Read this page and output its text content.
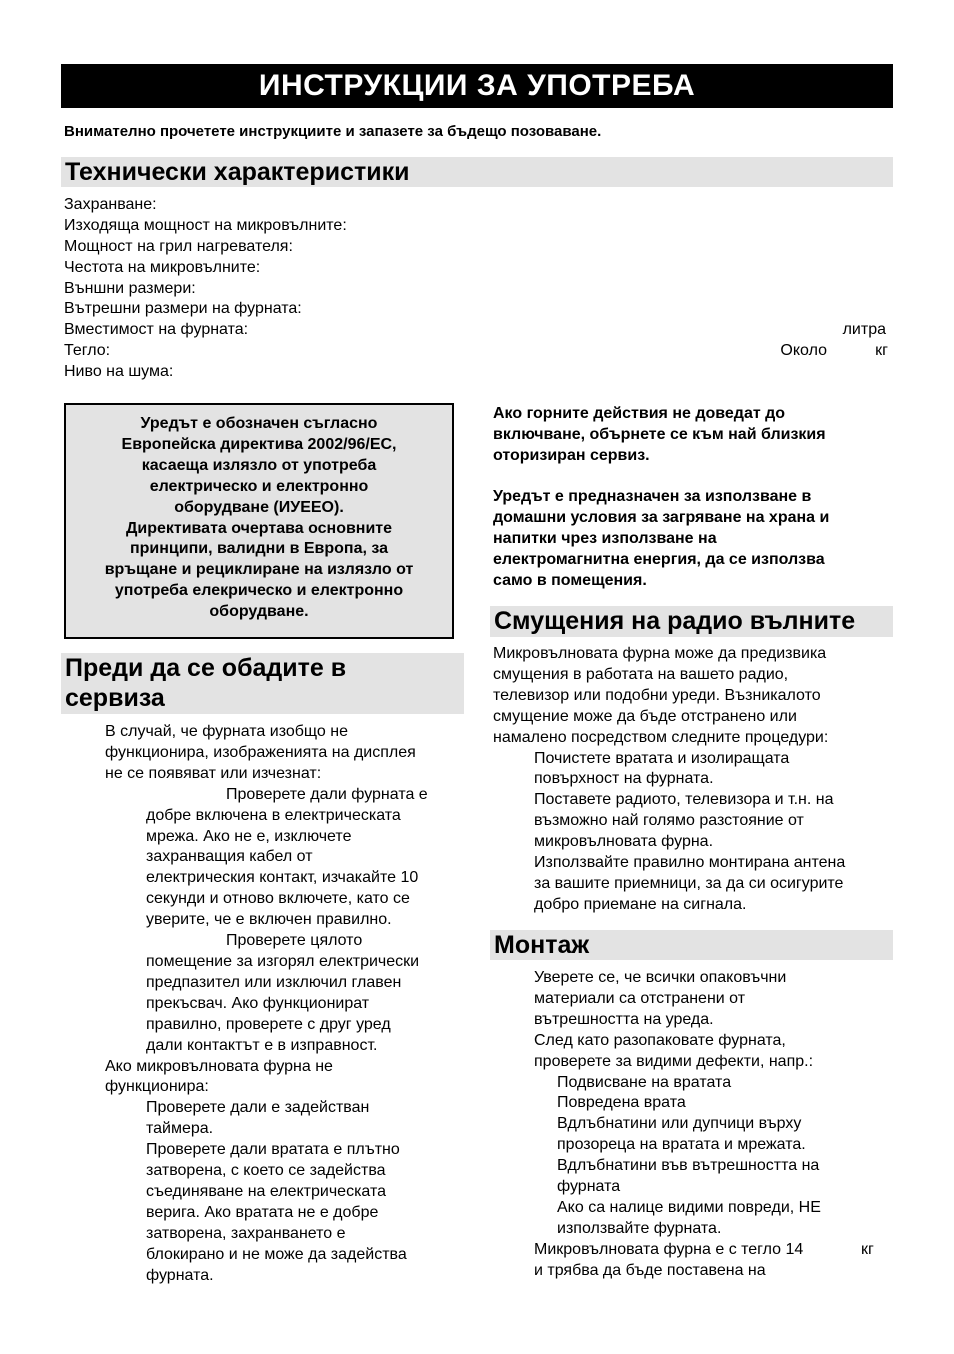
ИНСТРУКЦИИ ЗА УПОТРЕБА
Внимателно прочетете инструкциите и запазете за бъдещо позоваване.
Технически характеристики
Захранване:
Изходяща мощност на микровълните:
Мощност на грил нагревателя:
Честота на микровълните:
Външни размери:
Вътрешни размери на фурната:
Вместимост на фурната:	литра
Тегло:	Около	кг
Ниво на шума:
Уредът е обозначен съгласно
Европейска директива 2002/96/ЕС,
касаеща излязло от употреба
електрическо и електронно
оборудване (ИУЕЕО).
Директивата очертава основните
принципи, валидни в Европа, за
връщане и рециклиране на излязло от
употреба елекрическо и електронно
оборудване.
Преди да се обадите в
сервиза
В случай, че фурната изобщо не
функционира, изображенията на дисплея
не се появяват или изчезнат:
Проверете дали фурната е
добре включена в електрическата
мрежа. Ако не е, изключете
захранващия кабел от
електрическия контакт, изчакайте 10
секунди и отново включете, като се
уверите, че е включен правилно.
Проверете цялото
помещение за изгорял електрически
предпазител или изключил главен
прекъсвач. Ако функционират
правилно, проверете с друг уред
дали контактът е в изправност.
Ако микровълновата фурна не
функционира:
Проверете дали е задействан
таймера.
Проверете дали вратата е плътно
затворена, с което се задейства
съединяване на електрическата
верига. Ако вратата не е добре
затворена, захранването е
блокирано и не може да задейства
фурната.
Ако горните действия не доведат до
включване, обърнете се към най близкия
оторизиран сервиз.
Уредът е предназначен за използване в
домашни условия за загряване на храна и
напитки чрез използване на
електромагнитна енергия, да се използва
само в помещения.
Смущения на радио вълните
Микровълновата фурна може да предизвика
смущения в работата на вашето радио,
телевизор или подобни уреди. Възникалото
смущение може да бъде отстранено или
намалено посредством следните процедури:
Почистете вратата и изолиращата
повърхност на фурната.
Поставете радиото, телевизора и т.н. на
възможно най голямо разстояние от
микровълновата фурна.
Използвайте правилно монтирана антена
за вашите приемници, за да си осигурите
добро приемане на сигнала.
Монтаж
Уверете се, че всички опаковъчни
материали са отстранени от
вътрешността на уреда.
След като разопаковате фурната,
проверете за видими дефекти, напр.:
Подвисване на вратата
Повредена врата
Вдлъбнатини или дупчици върху
прозореца на вратата и мрежата.
Вдлъбнатини във вътрешността на
фурната
Ако са налице видими повреди, НЕ
използвайте фурната.
Микровълновата фурна е с тегло 14	кг
и трябва да бъде поставена на
